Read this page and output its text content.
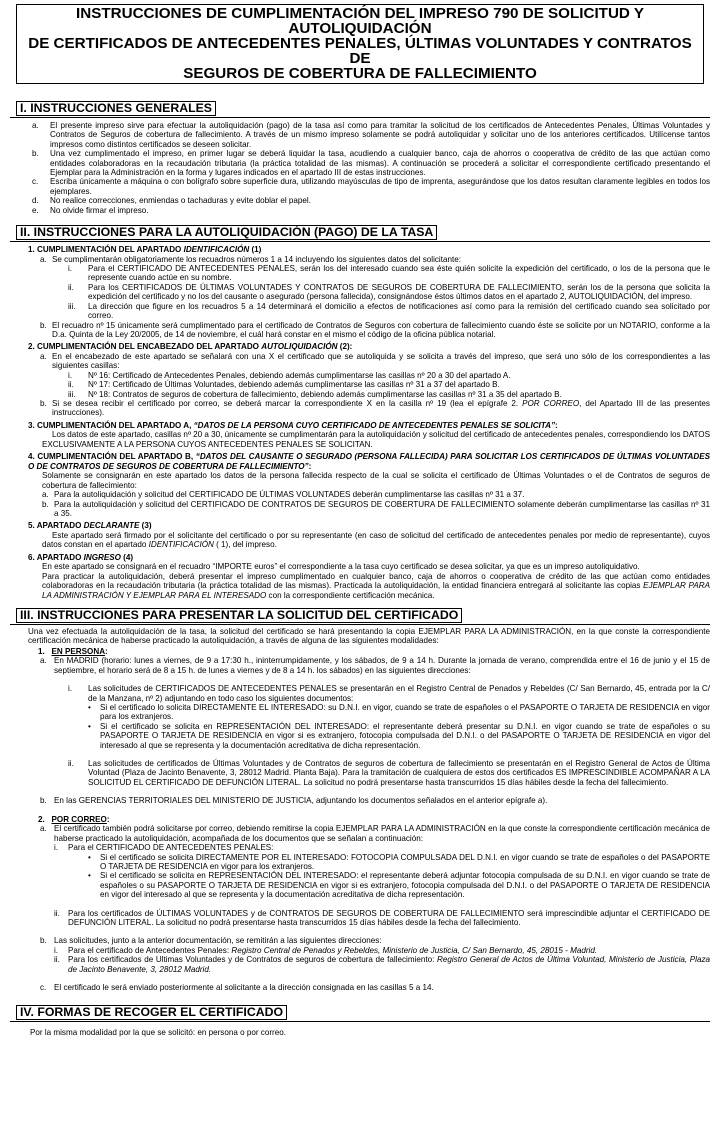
INSTRUCCIONES DE CUMPLIMENTACIÓN DEL IMPRESO 790 DE SOLICITUD Y AUTOLIQUIDACIÓN
DE CERTIFICADOS DE ANTECEDENTES PENALES, ÚLTIMAS VOLUNTADES Y CONTRATOS DE
SEGUROS DE COBERTURA DE FALLECIMIENTO
I. INSTRUCCIONES GENERALES
a.	El presente impreso sirve para efectuar la autoliquidación (pago) de la tasa así como para tramitar la solicitud de los certificados de Antecedentes Penales, Últimas Voluntades y Contratos de Seguros de cobertura de fallecimiento. A través de un mismo impreso solamente se podrá autoliquidar y solicitar uno de los anteriores certificados. Utilícense tantos impresos como distintos certificados se deseen solicitar.
b.	Una vez cumplimentado el impreso, en primer lugar se deberá liquidar la tasa, acudiendo a cualquier banco, caja de ahorros o cooperativa de crédito de las que actúan como entidades colaboradoras en la recaudación tributaria (la práctica totalidad de las mismas). A continuación se procederá a solicitar el correspondiente certificado presentando el Ejemplar para la Administración en la forma y lugares indicados en el apartado III de estas instrucciones.
c.	Escriba únicamente a máquina o con bolígrafo sobre superficie dura, utilizando mayúsculas de tipo de imprenta, asegurándose que los datos resultan claramente legibles en todos los ejemplares.
d.	No realice correcciones, enmiendas o tachaduras y evite doblar el papel.
e.	No olvide firmar el impreso.
II. INSTRUCCIONES PARA LA AUTOLIQUIDACIÓN (PAGO) DE LA TASA
1. CUMPLIMENTACIÓN DEL APARTADO IDENTIFICACIÓN (1)
a. Se cumplimentarán obligatoriamente los recuadros números 1 a 14 incluyendo los siguientes datos del solicitante:
i.	Para el CERTIFICADO DE ANTECEDENTES PENALES, serán los del interesado cuando sea éste quién solicite la expedición del certificado, o los de la persona que le represente cuando actúe en su nombre.
ii.	Para los CERTIFICADOS DE ÚLTIMAS VOLUNTADES Y CONTRATOS DE SEGUROS DE COBERTURA DE FALLECIMIENTO, serán los de la persona que solicita la expedición del certificado y no los del causante o asegurado (persona fallecida), consignándose éstos últimos datos en el apartado 2, AUTOLIQUIDACIÓN, del impreso.
iii.	La dirección que figure en los recuadros 5 a 14 determinará el domicilio a efectos de notificaciones así como para la remisión del certificado cuando sea solicitado por correo.
b. El recuadro nº 15 únicamente será cumplimentado para el certificado de Contratos de Seguros con cobertura de fallecimiento cuando éste se solicite por un NOTARIO, conforme a la D.a. Quinta de la Ley 20/2005, de 14 de noviembre, el cuál hará constar en el mismo el código de la oficina pública notarial.
2. CUMPLIMENTACIÓN DEL ENCABEZADO DEL APARTADO AUTOLIQUIDACIÓN (2):
a. En el encabezado de este apartado se señalará con una X el certificado que se autoliquida y se solicita a través del impreso, que será uno sólo de los correspondientes a las siguientes casillas:
i.	Nº 16: Certificado de Antecedentes Penales, debiendo además cumplimentarse las casillas nº 20 a 30 del apartado A.
ii.	Nº 17: Certificado de Últimas Voluntades, debiendo además cumplimentarse las casillas nº 31 a 37 del apartado B.
iii.	Nº 18: Contratos de seguros de cobertura de fallecimiento, debiendo además cumplimentarse las casillas nº 31 a 35 del apartado B.
b. Si se desea recibir el certificado por correo, se deberá marcar la correspondiente X en la casilla nº 19 (lea el epígrafe 2. POR CORREO, del Apartado III de las presentes instrucciones).
3. CUMPLIMENTACIÓN DEL APARTADO A, “DATOS DE LA PERSONA CUYO CERTIFICADO DE ANTECEDENTES PENALES SE SOLICITA”:
Los datos de este apartado, casillas nº 20 a 30, únicamente se cumplimentarán para la autoliquidación y solicitud del certificado de antecedentes penales, correspondiendo los DATOS EXCLUSIVAMENTE A LA PERSONA CUYOS ANTECEDENTES PENALES SE SOLICITAN.
4. CUMPLIMENTACIÓN DEL APARTADO B, “DATOS DEL CAUSANTE O SEGURADO (PERSONA FALLECIDA) PARA SOLICITAR LOS CERTIFICADOS DE ÚLTIMAS VOLUNTADES O DE CONTRATOS DE SEGUROS DE COBERTURA DE FALLECIMIENTO”:
Solamente se consignarán en este apartado los datos de la persona fallecida respecto de la cual se solicita el certificado de Últimas Voluntades o el de Contratos de seguros de cobertura de fallecimiento:
a. Para la autoliquidación y solicitud del CERTIFICADO DE ÚLTIMAS VOLUNTADES deberán cumplimentarse las casillas nº 31 a 37.
b. Para la autoliquidación y solicitud del CERTIFICADO DE CONTRATOS DE SEGUROS DE COBERTURA DE FALLECIMIENTO solamente deberán cumplimentarse las casillas nº 31 a 35.
5. APARTADO DECLARANTE (3)
Este apartado será firmado por el solicitante del certificado o por su representante (en caso de solicitud del certificado de antecedentes penales por medio de representante), cuyos datos constan en el apartado IDENTIFICACIÓN ( 1), del impreso.
6. APARTADO INGRESO (4)
En este apartado se consignará en el recuadro “IMPORTE euros” el correspondiente a la tasa cuyo certificado se desea solicitar, ya que es un impreso autoliquidativo.
Para practicar la autoliquidación, deberá presentar el impreso cumplimentado en cualquier banco, caja de ahorros o cooperativa de crédito de las que actúan como entidades colaboradoras en la recaudación tributaria (la práctica totalidad de las mismas). Practicada la autoliquidación, la entidad financiera entregará al solicitante las copias EJEMPLAR PARA LA ADMINISTRACIÓN Y EJEMPLAR PARA EL INTERESADO con la correspondiente certificación mecánica.
III. INSTRUCCIONES PARA PRESENTAR LA SOLICITUD DEL CERTIFICADO
Una vez efectuada la autoliquidación de la tasa, la solicitud del certificado se hará presentando la copia EJEMPLAR PARA LA ADMINISTRACIÓN, en la que conste la correspondiente certificación mecánica de haberse practicado la autoliquidación, a través de alguna de las siguientes modalidades:
1. EN PERSONA:
a. En MADRID (horario: lunes a viernes, de 9 a 17:30 h., ininterrumpidamente, y los sábados, de 9 a 14 h. Durante la jornada de verano, comprendida entre el 16 de junio y el 15 de septiembre, el horario será de 8 a 15 h. de lunes a viernes y de 8 a 14 h. los sábados) en las siguientes direcciones:
i.	Las solicitudes de CERTIFICADOS DE ANTECEDENTES PENALES se presentarán en el Registro Central de Penados y Rebeldes (C/ San Bernardo, 45, entrada por la C/ de la Manzana, nº 2) adjuntando en todo caso los siguientes documentos:
•	Si el certificado lo solicita DIRECTAMENTE EL INTERESADO: su D.N.I. en vigor, cuando se trate de españoles o el PASAPORTE O TARJETA DE RESIDENCIA en vigor para los extranjeros.
•	Si el certificado se solicita en REPRESENTACIÓN DEL INTERESADO: el representante deberá presentar su D.N.I. en vigor cuando se trate de españoles o su PASAPORTE O TARJETA DE RESIDENCIA en vigor si es extranjero, fotocopia compulsada del D.N.I. o del PASAPORTE O TARJETA DE RESIDENCIA en vigor del interesado al que se representa y la documentación acreditativa de dicha representación.
ii.	Las solicitudes de certificados de Últimas Voluntades y de Contratos de seguros de cobertura de fallecimiento se presentarán en el Registro General de Actos de Última Voluntad (Plaza de Jacinto Benavente, 3, 28012 Madrid. Planta Baja). Para la tramitación de cualquiera de estos dos certificados ES IMPRESCINDIBLE ACOMPAÑAR A LA SOLICITUD EL CERTIFICADO DE DEFUNCIÓN LITERAL. La solicitud no podrá presentarse hasta transcurridos 15 días hábiles desde la fecha del fallecimiento.
b. En las GERENCIAS TERRITORIALES DEL MINISTERIO DE JUSTICIA, adjuntando los documentos señalados en el anterior epígrafe a).
2. POR CORREO:
a. El certificado también podrá solicitarse por correo, debiendo remitirse la copia EJEMPLAR PARA LA ADMINISTRACIÓN en la que conste la correspondiente certificación mecánica de haberse practicado la autoliquidación, acompañada de los documentos que se señalan a continuación:
i.	Para el CERTIFICADO DE ANTECEDENTES PENALES:
•	Si el certificado se solicita DIRECTAMENTE POR EL INTERESADO: FOTOCOPIA COMPULSADA DEL D.N.I. en vigor cuando se trate de españoles o del PASAPORTE O TARJETA DE RESIDENCIA en vigor para los extranjeros.
•	Si el certificado se solicita en REPRESENTACIÓN DEL INTERESADO: el representante deberá adjuntar fotocopia compulsada de su D.N.I. en vigor cuando se trate de españoles o su PASAPORTE O TARJETA DE RESIDENCIA en vigor si es extranjero, fotocopia compulsada del D.N.I. o del PASAPORTE O TARJETA DE RESIDENCIA en vigor del interesado al que se representa y la documentación acreditativa de dicha representación.
ii.	Para los certificados de ÚLTIMAS VOLUNTADES y de CONTRATOS DE SEGUROS DE COBERTURA DE FALLECIMIENTO será imprescindible adjuntar el CERTIFICADO DE DEFUNCIÓN LITERAL. La solicitud no podrá presentarse hasta transcurridos 15 días hábiles desde la fecha del fallecimiento.
b. Las solicitudes, junto a la anterior documentación, se remitirán a las siguientes direcciones:
i.	Para el certificado de Antecedentes Penales: Registro Central de Penados y Rebeldes, Ministerio de Justicia, C/ San Bernardo, 45, 28015 - Madrid.
ii.	Para los certificados de Ultimas Voluntades y de Contratos de seguros de cobertura de fallecimiento: Registro General de Actos de Última Voluntad, Ministerio de Justicia, Plaza de Jacinto Benavente, 3, 28012 Madrid.
c. El certificado le será enviado posteriormente al solicitante a la dirección consignada en las casillas 5 a 14.
IV. FORMAS DE RECOGER EL CERTIFICADO
Por la misma modalidad por la que se solicitó: en persona o por correo.
